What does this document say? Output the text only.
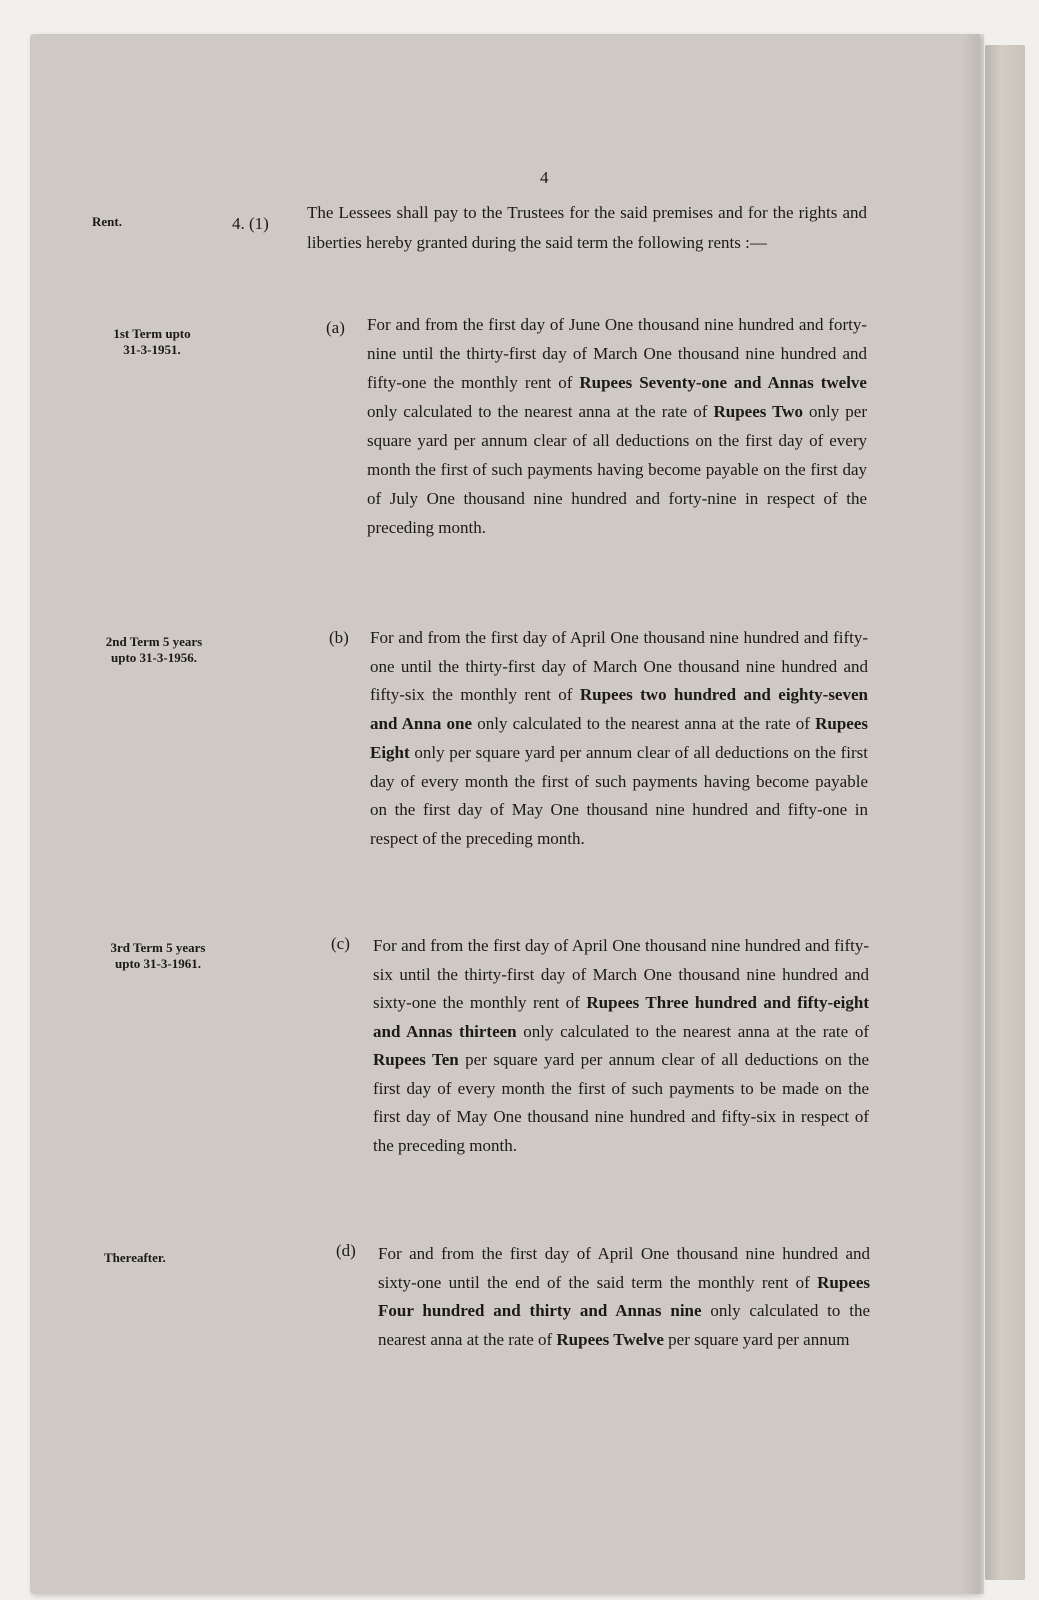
4
Rent.
1st Term upto
31-3-1951.
2nd Term 5 years
upto 31-3-1956.
3rd Term 5 years
upto 31-3-1961.
Thereafter.
4. (1)
The Lessees shall pay to the Trustees for the said premises and for the rights and liberties hereby granted during the said term the following rents :—
(a) For and from the first day of June One thousand nine hundred and forty-nine until the thirty-first day of March One thousand nine hundred and fifty-one the monthly rent of Rupees Seventy-one and Annas twelve only calculated to the nearest anna at the rate of Rupees Two only per square yard per annum clear of all deductions on the first day of every month the first of such payments having become payable on the first day of July One thousand nine hundred and forty-nine in respect of the preceding month.
(b) For and from the first day of April One thousand nine hundred and fifty-one until the thirty-first day of March One thousand nine hundred and fifty-six the monthly rent of Rupees two hundred and eighty-seven and Anna one only calculated to the nearest anna at the rate of Rupees Eight only per square yard per annum clear of all deductions on the first day of every month the first of such payments having become payable on the first day of May One thousand nine hundred and fifty-one in respect of the preceding month.
(c) For and from the first day of April One thousand nine hundred and fifty-six until the thirty-first day of March One thousand nine hundred and sixty-one the monthly rent of Rupees Three hundred and fifty-eight and Annas thirteen only calculated to the nearest anna at the rate of Rupees Ten per square yard per annum clear of all deductions on the first day of every month the first of such payments to be made on the first day of May One thousand nine hundred and fifty-six in respect of the preceding month.
(d) For and from the first day of April One thousand nine hundred and sixty-one until the end of the said term the monthly rent of Rupees Four hundred and thirty and Annas nine only calculated to the nearest anna at the rate of Rupees Twelve per square yard per annum
